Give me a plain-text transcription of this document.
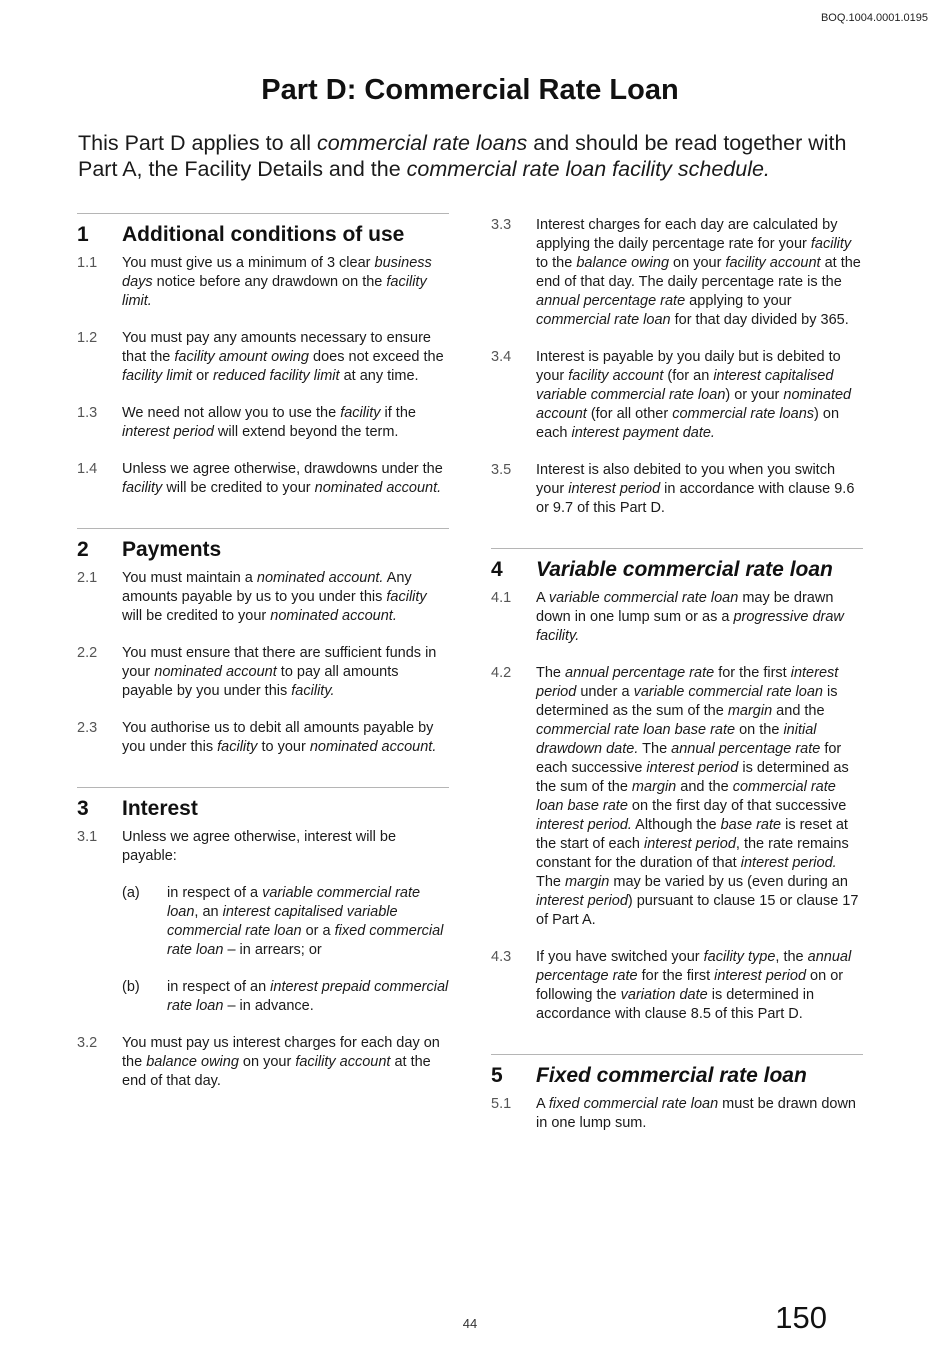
BOQ.1004.0001.0195
Part D: Commercial Rate Loan

This Part D applies to all commercial rate loans and should be read together with Part A, the Facility Details and the commercial rate loan facility schedule.

1	Additional conditions of use
1.1	You must give us a minimum of 3 clear business days notice before any drawdown on the facility limit.
1.2	You must pay any amounts necessary to ensure that the facility amount owing does not exceed the facility limit or reduced facility limit at any time.
1.3	We need not allow you to use the facility if the interest period will extend beyond the term.
1.4	Unless we agree otherwise, drawdowns under the facility will be credited to your nominated account.
2	Payments
2.1	You must maintain a nominated account. Any amounts payable by us to you under this facility will be credited to your nominated account.
2.2	You must ensure that there are sufficient funds in your nominated account to pay all amounts payable by you under this facility.
2.3	You authorise us to debit all amounts payable by you under this facility to your nominated account.
3	Interest
3.1	Unless we agree otherwise, interest will be payable:
(a)	in respect of a variable commercial rate loan, an interest capitalised variable commercial rate loan or a fixed commercial rate loan – in arrears; or
(b)	in respect of an interest prepaid commercial rate loan – in advance.
3.2	You must pay us interest charges for each day on the balance owing on your facility account at the end of that day.
3.3	Interest charges for each day are calculated by applying the daily percentage rate for your facility to the balance owing on your facility account at the end of that day. The daily percentage rate is the annual percentage rate applying to your commercial rate loan for that day divided by 365.
3.4	Interest is payable by you daily but is debited to your facility account (for an interest capitalised variable commercial rate loan) or your nominated account (for all other commercial rate loans) on each interest payment date.
3.5	Interest is also debited to you when you switch your interest period in accordance with clause 9.6 or 9.7 of this Part D.
4	Variable commercial rate loan
4.1	A variable commercial rate loan may be drawn down in one lump sum or as a progressive draw facility.
4.2	The annual percentage rate for the first interest period under a variable commercial rate loan is determined as the sum of the margin and the commercial rate loan base rate on the initial drawdown date. The annual percentage rate for each successive interest period is determined as the sum of the margin and the commercial rate loan base rate on the first day of that successive interest period. Although the base rate is reset at the start of each interest period, the rate remains constant for the duration of that interest period. The margin may be varied by us (even during an interest period) pursuant to clause 15 or clause 17 of Part A.
4.3	If you have switched your facility type, the annual percentage rate for the first interest period on or following the variation date is determined in accordance with clause 8.5 of this Part D.
5	Fixed commercial rate loan
5.1	A fixed commercial rate loan must be drawn down in one lump sum.
44	150
